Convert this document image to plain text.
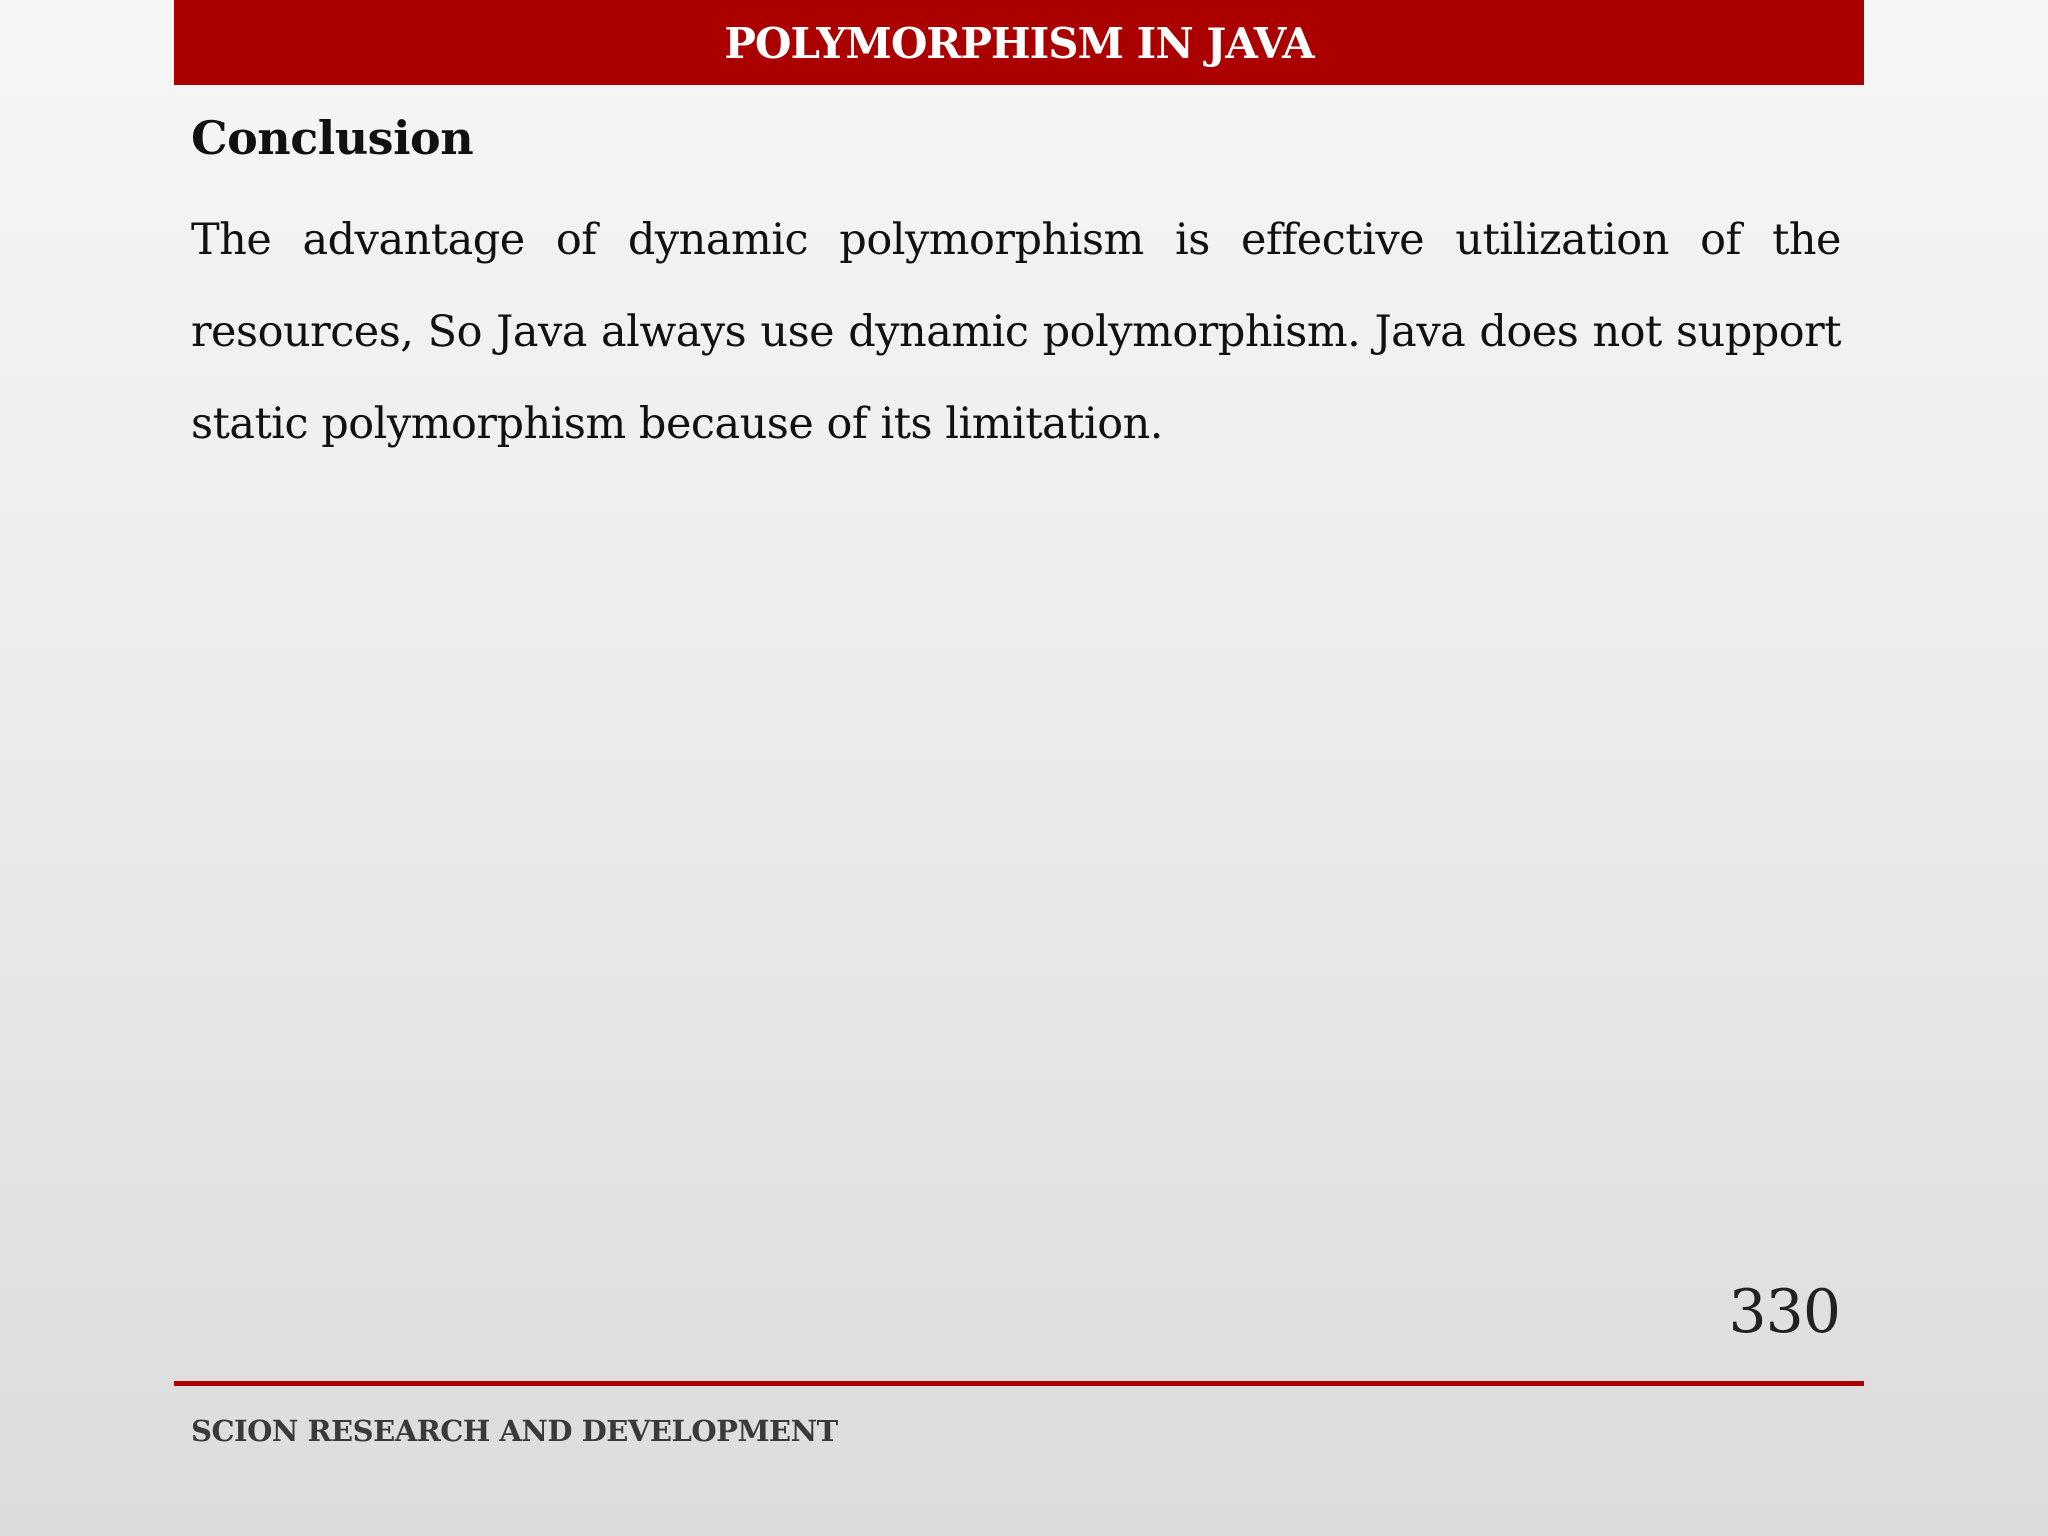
POLYMORPHISM IN JAVA
Conclusion

The advantage of dynamic polymorphism is effective utilization of the resources, So Java always use dynamic polymorphism. Java does not support static polymorphism because of its limitation.

330
SCION RESEARCH AND DEVELOPMENT
